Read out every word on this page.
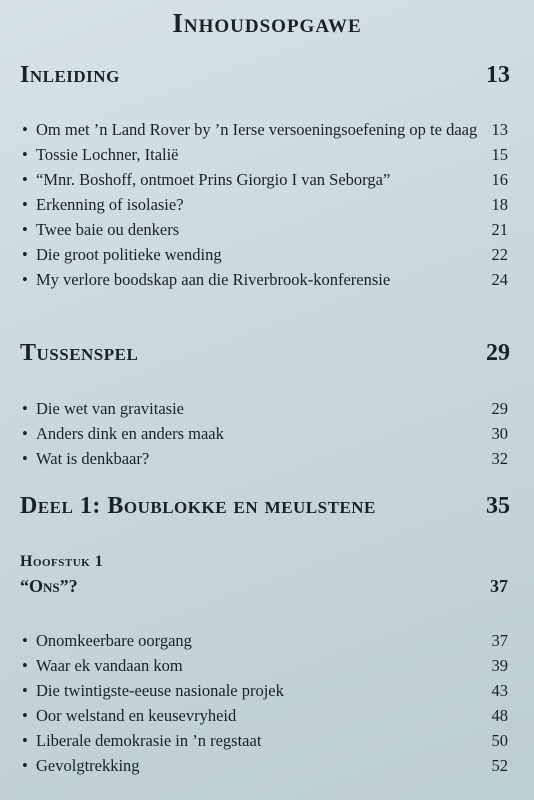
Inhoudsopgawe
Inleiding	13
• Om met ’n Land Rover by ’n Ierse versoeningsoefening op te daag 13
• Tossie Lochner, Italië	15
• “Mnr. Boshoff, ontmoet Prins Giorgio I van Seborga”	16
• Erkenning of isolasie?	18
• Twee baie ou denkers	21
• Die groot politieke wending	22
• My verlore boodskap aan die Riverbrook-konferensie	24
Tussenspel	29
• Die wet van gravitasie	29
• Anders dink en anders maak	30
• Wat is denkbaar?	32
Deel 1: Boublokke en meulstene	35
Hoofstuk 1
“Ons”?	37
• Onomkeerbare oorgang	37
• Waar ek vandaan kom	39
• Die twintigste-eeuse nasionale projek	43
• Oor welstand en keusevryheid	48
• Liberale demokrasie in ’n regstaat	50
• Gevolgtrekking	52
